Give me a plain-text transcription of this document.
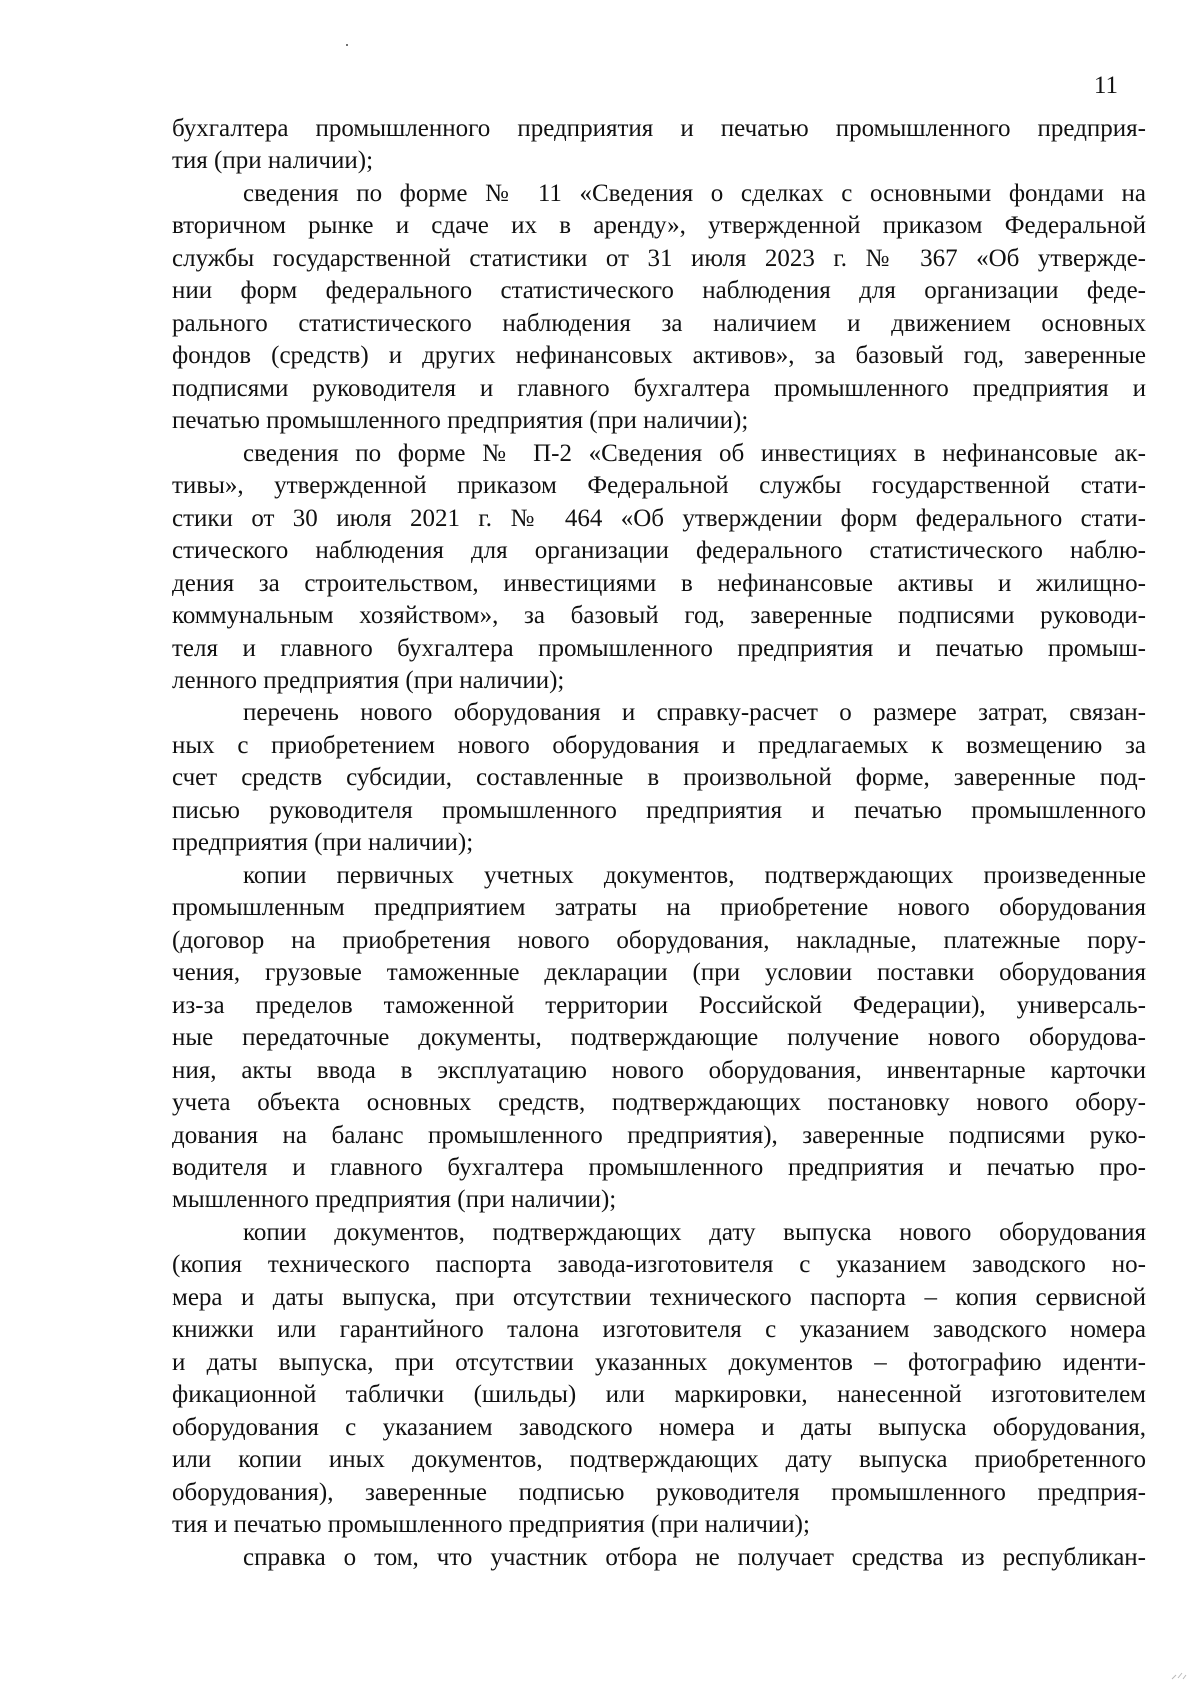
11
бухгалтера промышленного предприятия и печатью промышленного предприя-
тия (при наличии);
сведения по форме № 11 «Сведения о сделках с основными фондами на
вторичном рынке и сдаче их в аренду», утвержденной приказом Федеральной
службы государственной статистики от 31 июля 2023 г. № 367 «Об утвержде-
нии форм федерального статистического наблюдения для организации феде-
рального статистического наблюдения за наличием и движением основных
фондов (средств) и других нефинансовых активов», за базовый год, заверенные
подписями руководителя и главного бухгалтера промышленного предприятия и
печатью промышленного предприятия (при наличии);
сведения по форме № П-2 «Сведения об инвестициях в нефинансовые ак-
тивы», утвержденной приказом Федеральной службы государственной стати-
стики от 30 июля 2021 г. № 464 «Об утверждении форм федерального стати-
стического наблюдения для организации федерального статистического наблю-
дения за строительством, инвестициями в нефинансовые активы и жилищно-
коммунальным хозяйством», за базовый год, заверенные подписями руководи-
теля и главного бухгалтера промышленного предприятия и печатью промыш-
ленного предприятия (при наличии);
перечень нового оборудования и справку-расчет о размере затрат, связан-
ных с приобретением нового оборудования и предлагаемых к возмещению за
счет средств субсидии, составленные в произвольной форме, заверенные под-
писью руководителя промышленного предприятия и печатью промышленного
предприятия (при наличии);
копии первичных учетных документов, подтверждающих произведенные
промышленным предприятием затраты на приобретение нового оборудования
(договор на приобретения нового оборудования, накладные, платежные пору-
чения, грузовые таможенные декларации (при условии поставки оборудования
из-за пределов таможенной территории Российской Федерации), универсаль-
ные передаточные документы, подтверждающие получение нового оборудова-
ния, акты ввода в эксплуатацию нового оборудования, инвентарные карточки
учета объекта основных средств, подтверждающих постановку нового обору-
дования на баланс промышленного предприятия), заверенные подписями руко-
водителя и главного бухгалтера промышленного предприятия и печатью про-
мышленного предприятия (при наличии);
копии документов, подтверждающих дату выпуска нового оборудования
(копия технического паспорта завода-изготовителя с указанием заводского но-
мера и даты выпуска, при отсутствии технического паспорта – копия сервисной
книжки или гарантийного талона изготовителя с указанием заводского номера
и даты выпуска, при отсутствии указанных документов – фотографию иденти-
фикационной таблички (шильды) или маркировки, нанесенной изготовителем
оборудования с указанием заводского номера и даты выпуска оборудования,
или копии иных документов, подтверждающих дату выпуска приобретенного
оборудования), заверенные подписью руководителя промышленного предприя-
тия и печатью промышленного предприятия (при наличии);
справка о том, что участник отбора не получает средства из республикан-
